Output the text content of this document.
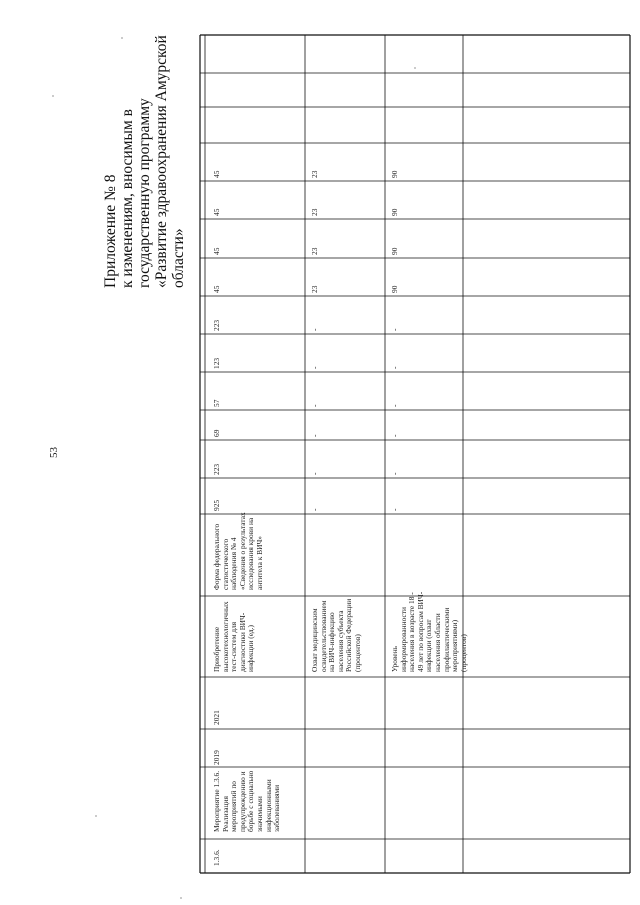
53
Приложение № 8 к изменениям, вносимым в государственную программу «Развитие здравоохранения Амурской области»
1.3.6.
Мероприятие 1.3.6. Реализация мероприятий по предупреждению и борьбе с социально значимыми инфекционными заболеваниями
2019
2021
Приобретение высокотехнологичных тест-систем для диагностики ВИЧ-инфекции (ед.)
Форма федерального статистического наблюдения № 4 «Сведения о результатах исследования крови на антитела к ВИЧ»
Охват медицинским освидетельствованием на ВИЧ-инфекцию населения субъекта Российской Федерации (процентов)	Уровень информированности населения в возрасте 18 - 49 лет по вопросам ВИЧ-инфекции (охват населения области профилактическими мероприятиями) (процентов)
925
223
69
57
123
223
45
45
45
45
-
-
-
-
-
-
23
23
23
23
-
-
-
-
-
-
90
90
90
90
